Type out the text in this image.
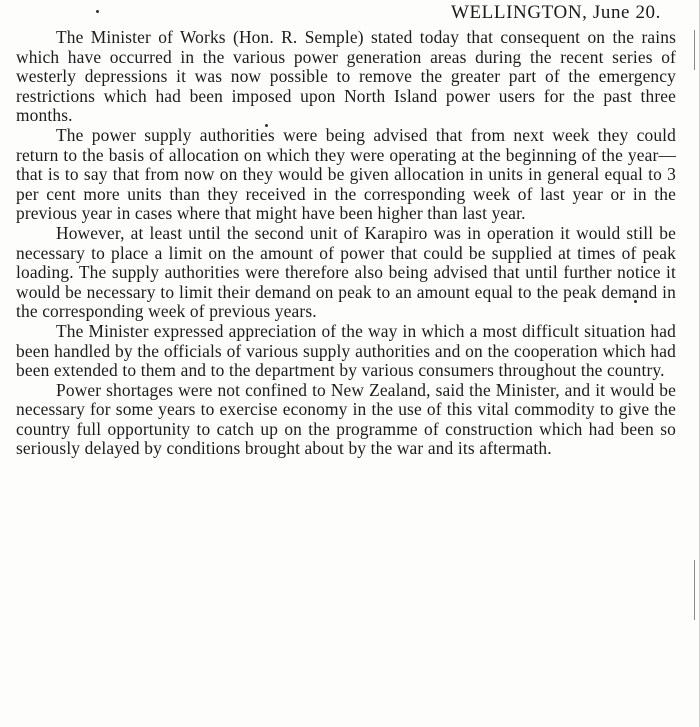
WELLINGTON, June 20.

The Minister of Works (Hon. R. Semple) stated today that consequent on the rains which have occurred in the various power generation areas during the recent series of westerly depressions it was now possible to remove the greater part of the emergency restrictions which had been imposed upon North Island power users for the past three months.

The power supply authorities were being advised that from next week they could return to the basis of allocation on which they were operating at the beginning of the year—that is to say that from now on they would be given allocation in units in general equal to 3 per cent more units than they received in the corresponding week of last year or in the previous year in cases where that might have been higher than last year.

However, at least until the second unit of Karapiro was in operation it would still be necessary to place a limit on the amount of power that could be supplied at times of peak loading. The supply authorities were therefore also being advised that until further notice it would be necessary to limit their demand on peak to an amount equal to the peak demand in the corresponding week of previous years.

The Minister expressed appreciation of the way in which a most difficult situation had been handled by the officials of various supply authorities and on the cooperation which had been extended to them and to the department by various consumers throughout the country.

Power shortages were not confined to New Zealand, said the Minister, and it would be necessary for some years to exercise economy in the use of this vital commodity to give the country full opportunity to catch up on the programme of construction which had been so seriously delayed by conditions brought about by the war and its aftermath.
